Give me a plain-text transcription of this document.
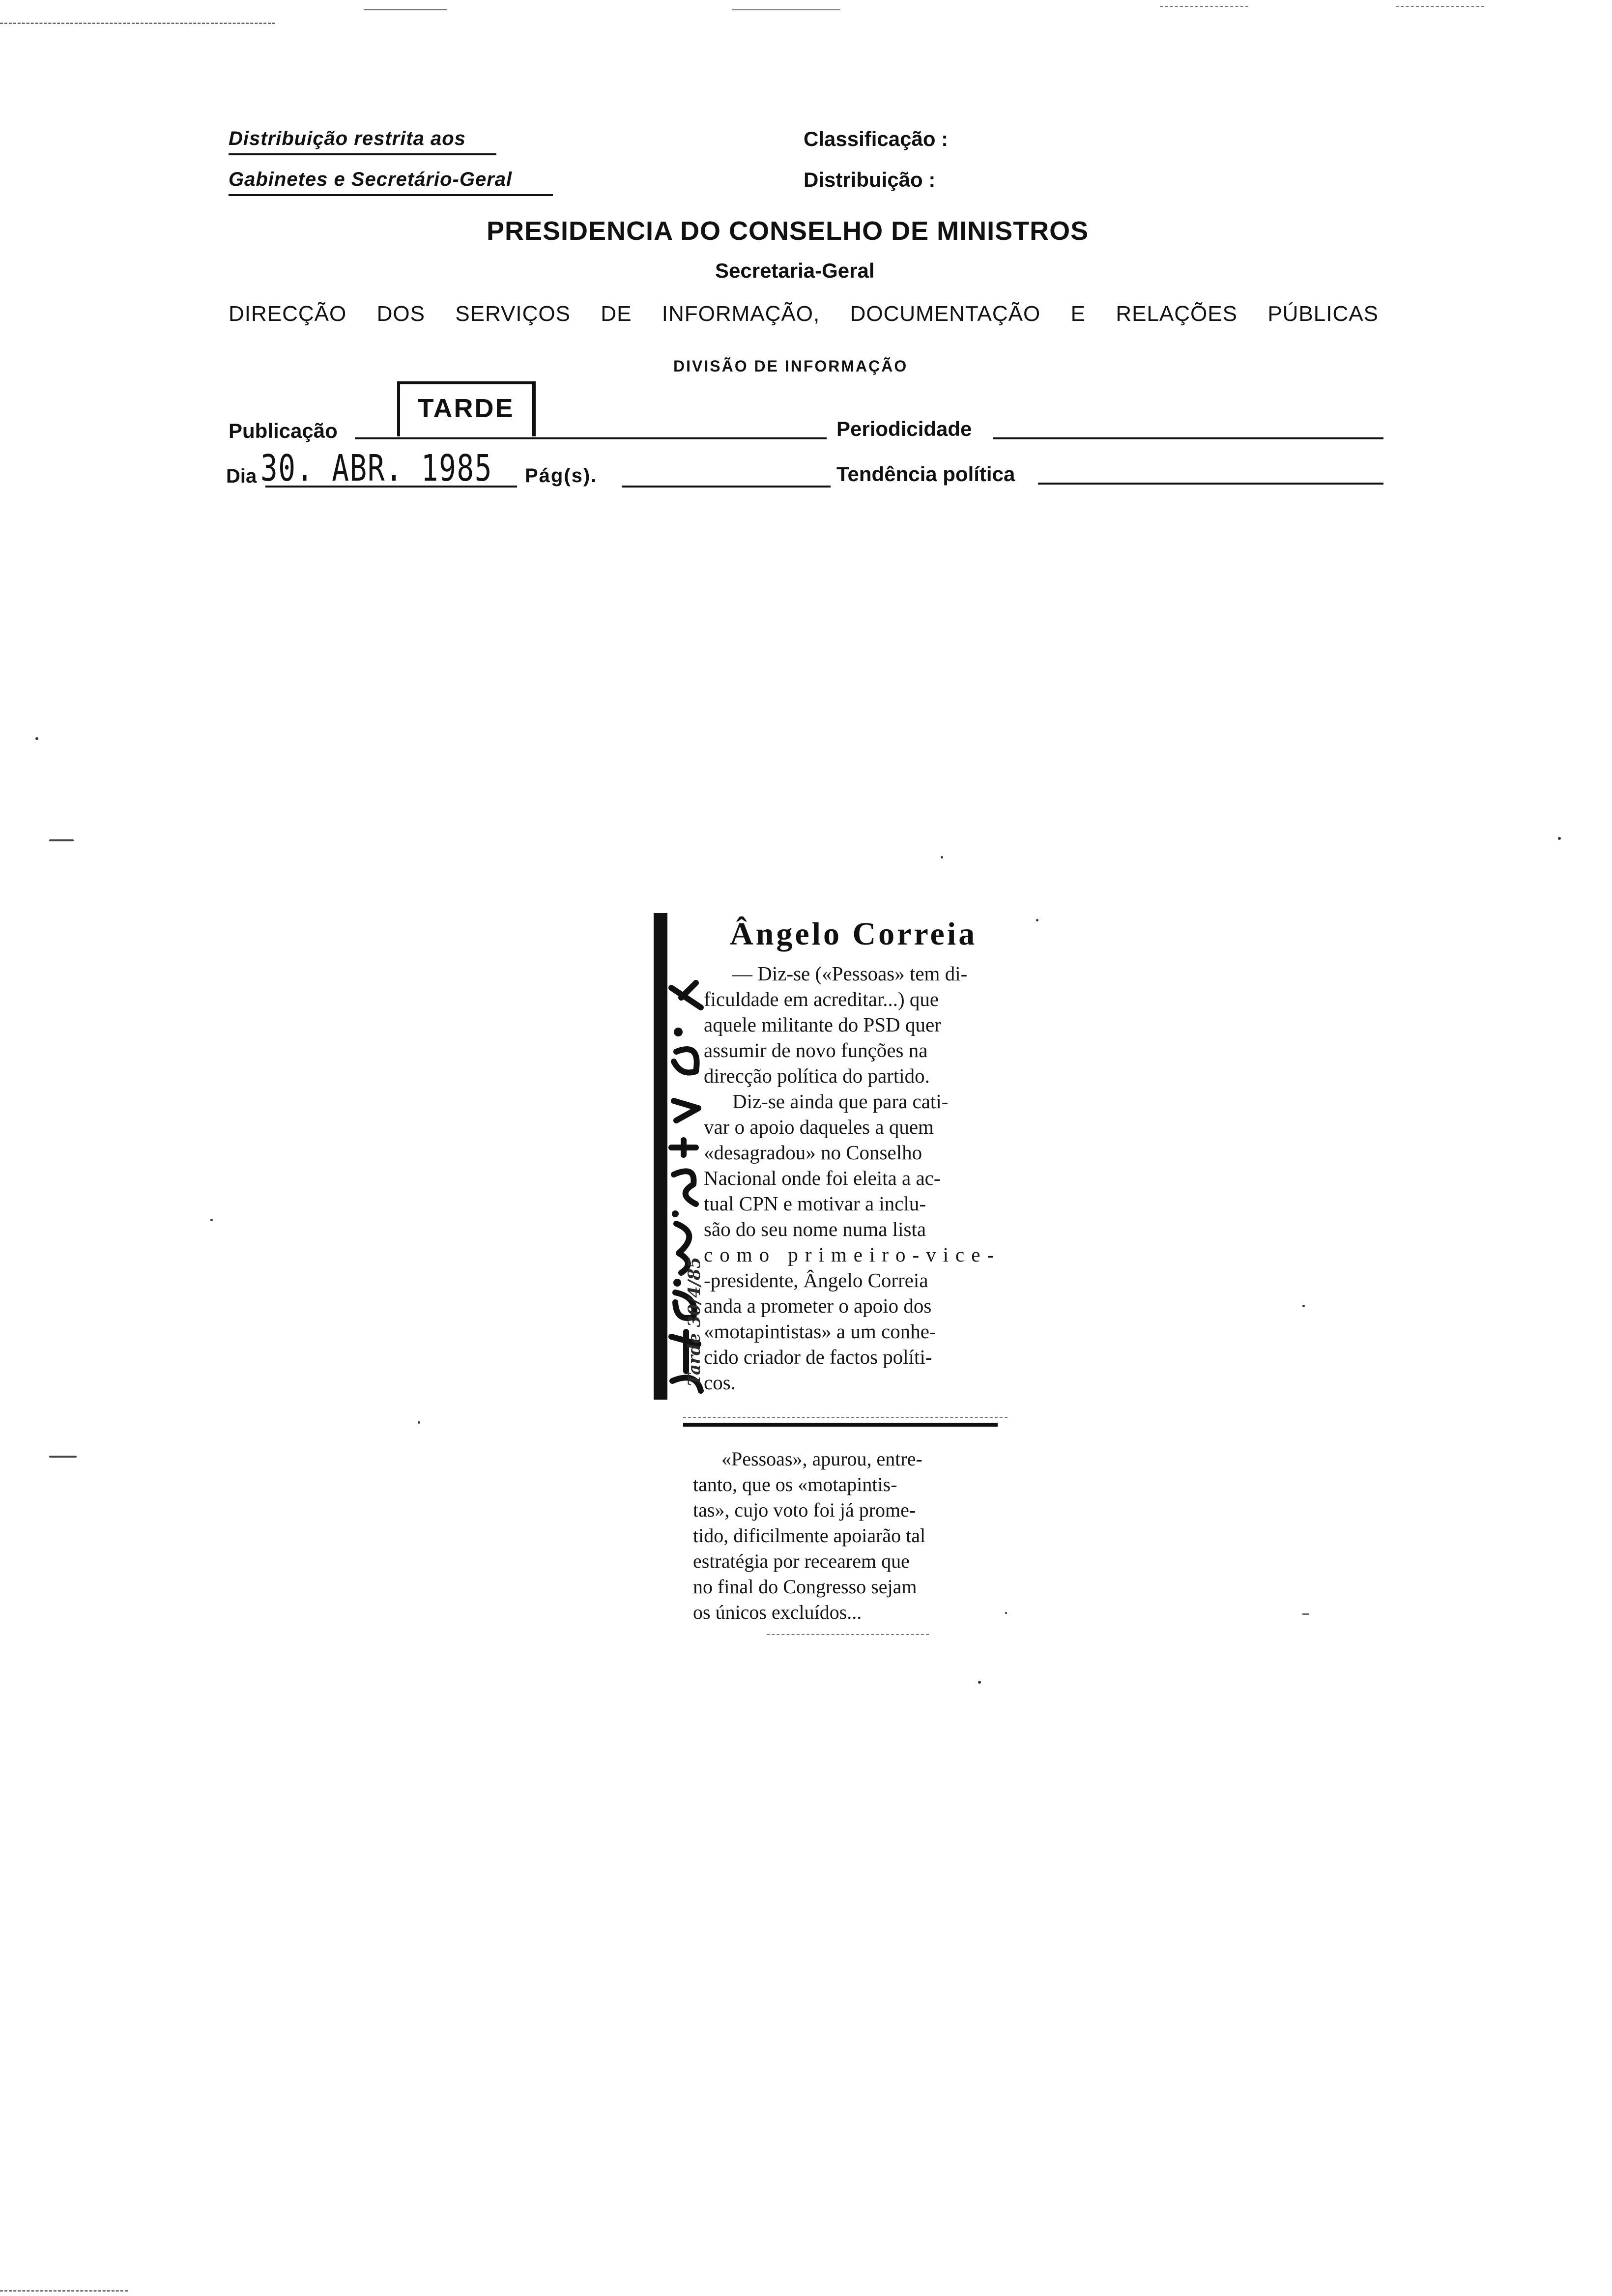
Distribuição restrita aos
Gabinetes e Secretário-Geral
Classificação :
Distribuição :
PRESIDENCIA DO CONSELHO DE MINISTROS
Secretaria-Geral
DIRECÇÃO DOS SERVIÇOS DE INFORMAÇÃO, DOCUMENTAÇÃO E RELAÇÕES PÚBLICAS
DIVISÃO DE INFORMAÇÃO
Publicação
TARDE
Periodicidade
Dia 30. ABR. 1985 Pág(s).	Tendência política
Tarde 30/4/85
Ângelo Correia
— Diz-se («Pessoas» tem di-
ficuldade em acreditar...) que
aquele militante do PSD quer
assumir de novo funções na
direcção política do partido.
Diz-se ainda que para cati-
var o apoio daqueles a quem
«desagradou» no Conselho
Nacional onde foi eleita a ac-
tual CPN e motivar a inclu-
são do seu nome numa lista
como primeiro-vice-
-presidente, Ângelo Correia
anda a prometer o apoio dos
«motapintistas» a um conhe-
cido criador de factos políti-
cos.
«Pessoas», apurou, entre-
tanto, que os «motapintis-
tas», cujo voto foi já prome-
tido, dificilmente apoiarão tal
estratégia por recearem que
no final do Congresso sejam
os únicos excluídos...
